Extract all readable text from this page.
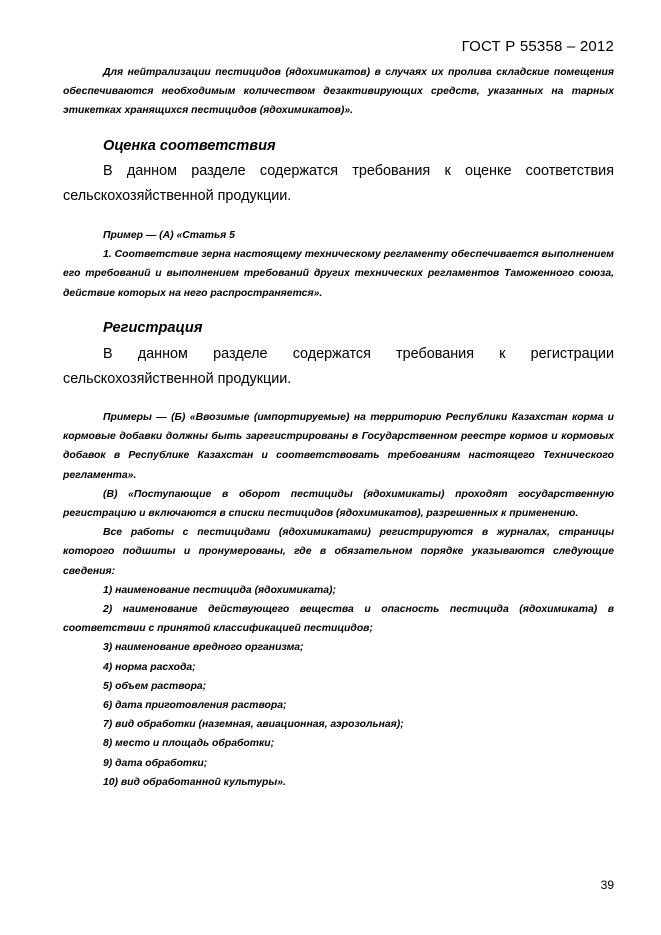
ГОСТ Р 55358 – 2012

Для нейтрализации пестицидов (ядохимикатов) в случаях их пролива складские помещения обеспечиваются необходимым количеством дезактивирующих средств, указанных на тарных этикетках хранящихся пестицидов (ядохимикатов)».

Оценка соответствия

В данном разделе содержатся требования к оценке соответствия сельскохозяйственной продукции.

Пример — (А) «Статья 5

1. Соответствие зерна настоящему техническому регламенту обеспечивается выполнением его требований и выполнением требований других технических регламентов Таможенного союза, действие которых на него распространяется».

Регистрация

В данном разделе содержатся требования к регистрации сельскохозяйственной продукции.

Примеры — (Б) «Ввозимые (импортируемые) на территорию Республики Казахстан корма и кормовые добавки должны быть зарегистрированы в Государственном реестре кормов и кормовых добавок в Республике Казахстан и соответствовать требованиям настоящего Технического регламента».

(В) «Поступающие в оборот пестициды (ядохимикаты) проходят государственную регистрацию и включаются в списки пестицидов (ядохимикатов), разрешенных к применению.

Все работы с пестицидами (ядохимикатами) регистрируются в журналах, страницы которого подшиты и пронумерованы, где в обязательном порядке указываются следующие сведения:

1) наименование пестицида (ядохимиката);

2) наименование действующего вещества и опасность пестицида (ядохимиката) в соответствии с принятой классификацией пестицидов;

3) наименование вредного организма;

4) норма расхода;

5) объем раствора;

6) дата приготовления раствора;

7) вид обработки (наземная, авиационная, аэрозольная);

8) место и площадь обработки;

9) дата обработки;

10) вид обработанной культуры».

39
